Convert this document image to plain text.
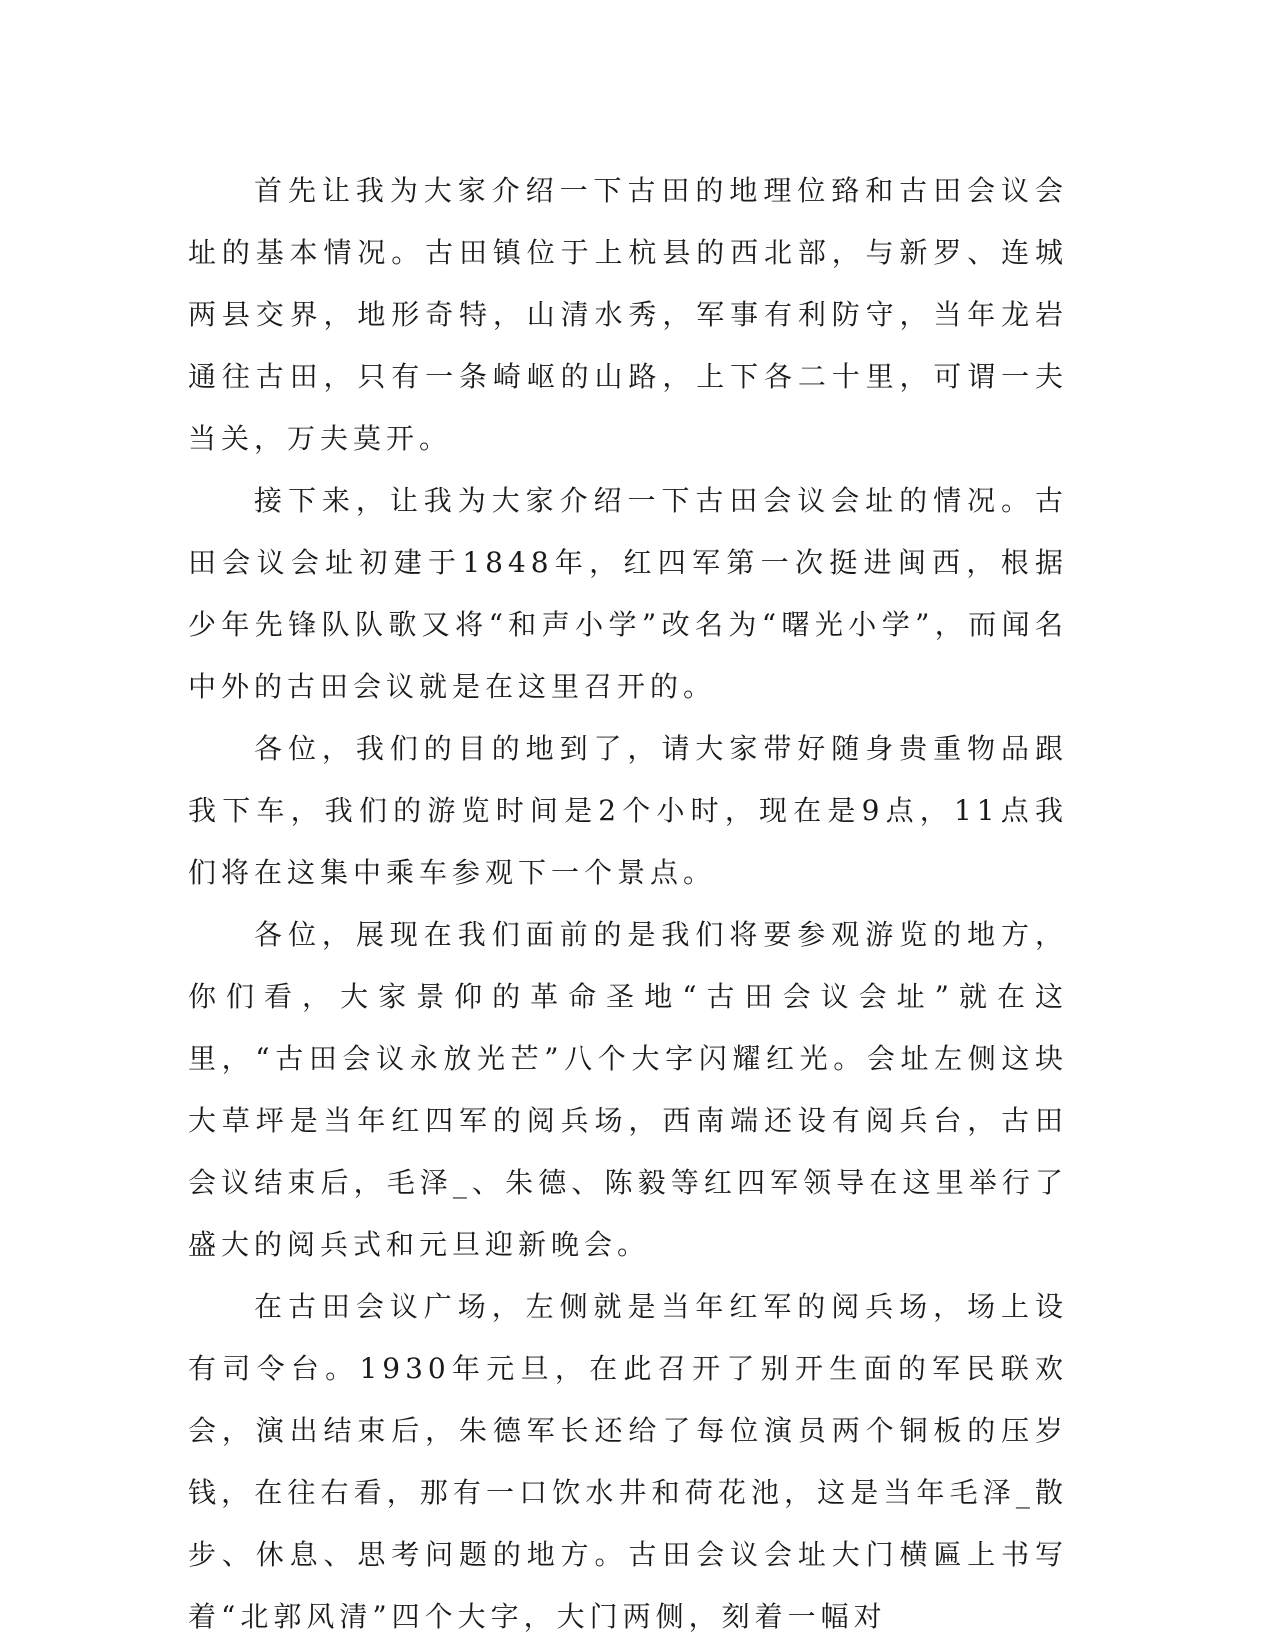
首先让我为大家介绍一下古田的地理位臵和古田会议会址的基本情况。古田镇位于上杭县的西北部，与新罗、连城两县交界，地形奇特，山清水秀，军事有利防守，当年龙岩通往古田，只有一条崎岖的山路，上下各二十里，可谓一夫当关，万夫莫开。

接下来，让我为大家介绍一下古田会议会址的情况。古田会议会址初建于1848年，红四军第一次挺进闽西，根据少年先锋队队歌又将“和声小学”改名为“曙光小学”，而闻名中外的古田会议就是在这里召开的。

各位，我们的目的地到了，请大家带好随身贵重物品跟我下车，我们的游览时间是2个小时，现在是9点，11点我们将在这集中乘车参观下一个景点。

各位，展现在我们面前的是我们将要参观游览的地方，你们看，大家景仰的革命圣地“古田会议会址”就在这里，“古田会议永放光芒”八个大字闪耀红光。会址左侧这块大草坪是当年红四军的阅兵场，西南端还设有阅兵台，古田会议结束后，毛泽_、朱德、陈毅等红四军领导在这里举行了盛大的阅兵式和元旦迎新晚会。

在古田会议广场，左侧就是当年红军的阅兵场，场上设有司令台。1930年元旦，在此召开了别开生面的军民联欢会，演出结束后，朱德军长还给了每位演员两个铜板的压岁钱，在往右看，那有一口饮水井和荷花池，这是当年毛泽_散步、休息、思考问题的地方。古田会议会址大门横匾上书写着“北郭风清”四个大字，大门两侧，刻着一幅对
